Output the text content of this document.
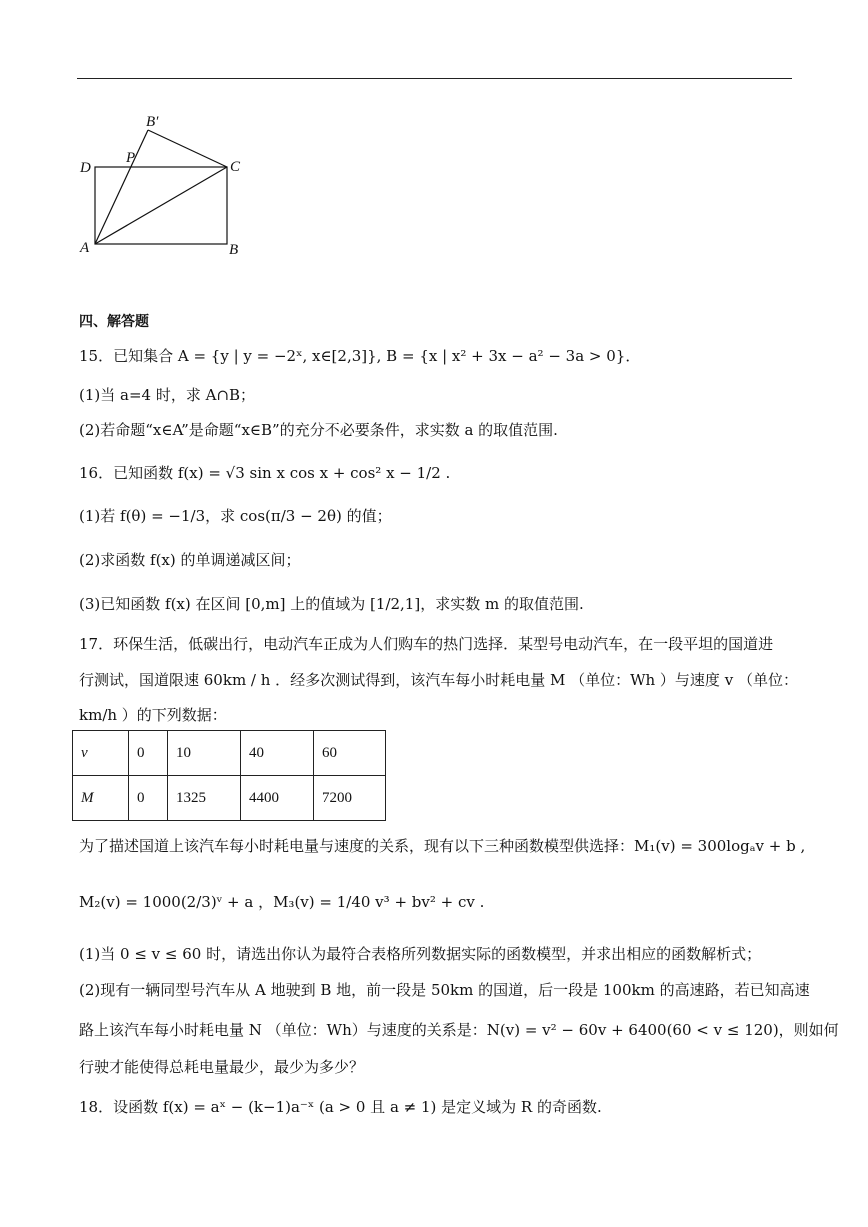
B′
P
D	C
A	B
四、解答题
15．已知集合 A = {y | y = −2ˣ, x∈[2,3]}, B = {x | x² + 3x − a² − 3a > 0}．
(1)当 a=4 时，求 A∩B；
(2)若命题“x∈A”是命题“x∈B”的充分不必要条件，求实数 a 的取值范围.
16．已知函数 f(x) = √3 sin x cos x + cos² x − 1/2 .
(1)若 f(θ) = −1/3，求 cos(π/3 − 2θ) 的值；
(2)求函数 f(x) 的单调递减区间；
(3)已知函数 f(x) 在区间 [0,m] 上的值域为 [1/2,1]，求实数 m 的取值范围.
17．环保生活，低碳出行，电动汽车正成为人们购车的热门选择．某型号电动汽车，在一段平坦的国道进
行测试，国道限速 60km / h ．经多次测试得到，该汽车每小时耗电量 M （单位：Wh ）与速度 v （单位：
km/h ）的下列数据：
v	0	10	40	60
M	0	1325	4400	7200
为了描述国道上该汽车每小时耗电量与速度的关系，现有以下三种函数模型供选择：M₁(v) = 300logₐv + b ,
M₂(v) = 1000(2/3)ᵛ + a ，M₃(v) = 1/40 v³ + bv² + cv .
(1)当 0 ≤ v ≤ 60 时，请选出你认为最符合表格所列数据实际的函数模型，并求出相应的函数解析式；
(2)现有一辆同型号汽车从 A 地驶到 B 地，前一段是 50km 的国道，后一段是 100km 的高速路，若已知高速
路上该汽车每小时耗电量 N （单位：Wh）与速度的关系是：N(v) = v² − 60v + 6400(60 < v ≤ 120)，则如何
行驶才能使得总耗电量最少，最少为多少？
18．设函数 f(x) = aˣ − (k−1)a⁻ˣ (a > 0 且 a ≠ 1) 是定义域为 R 的奇函数.
